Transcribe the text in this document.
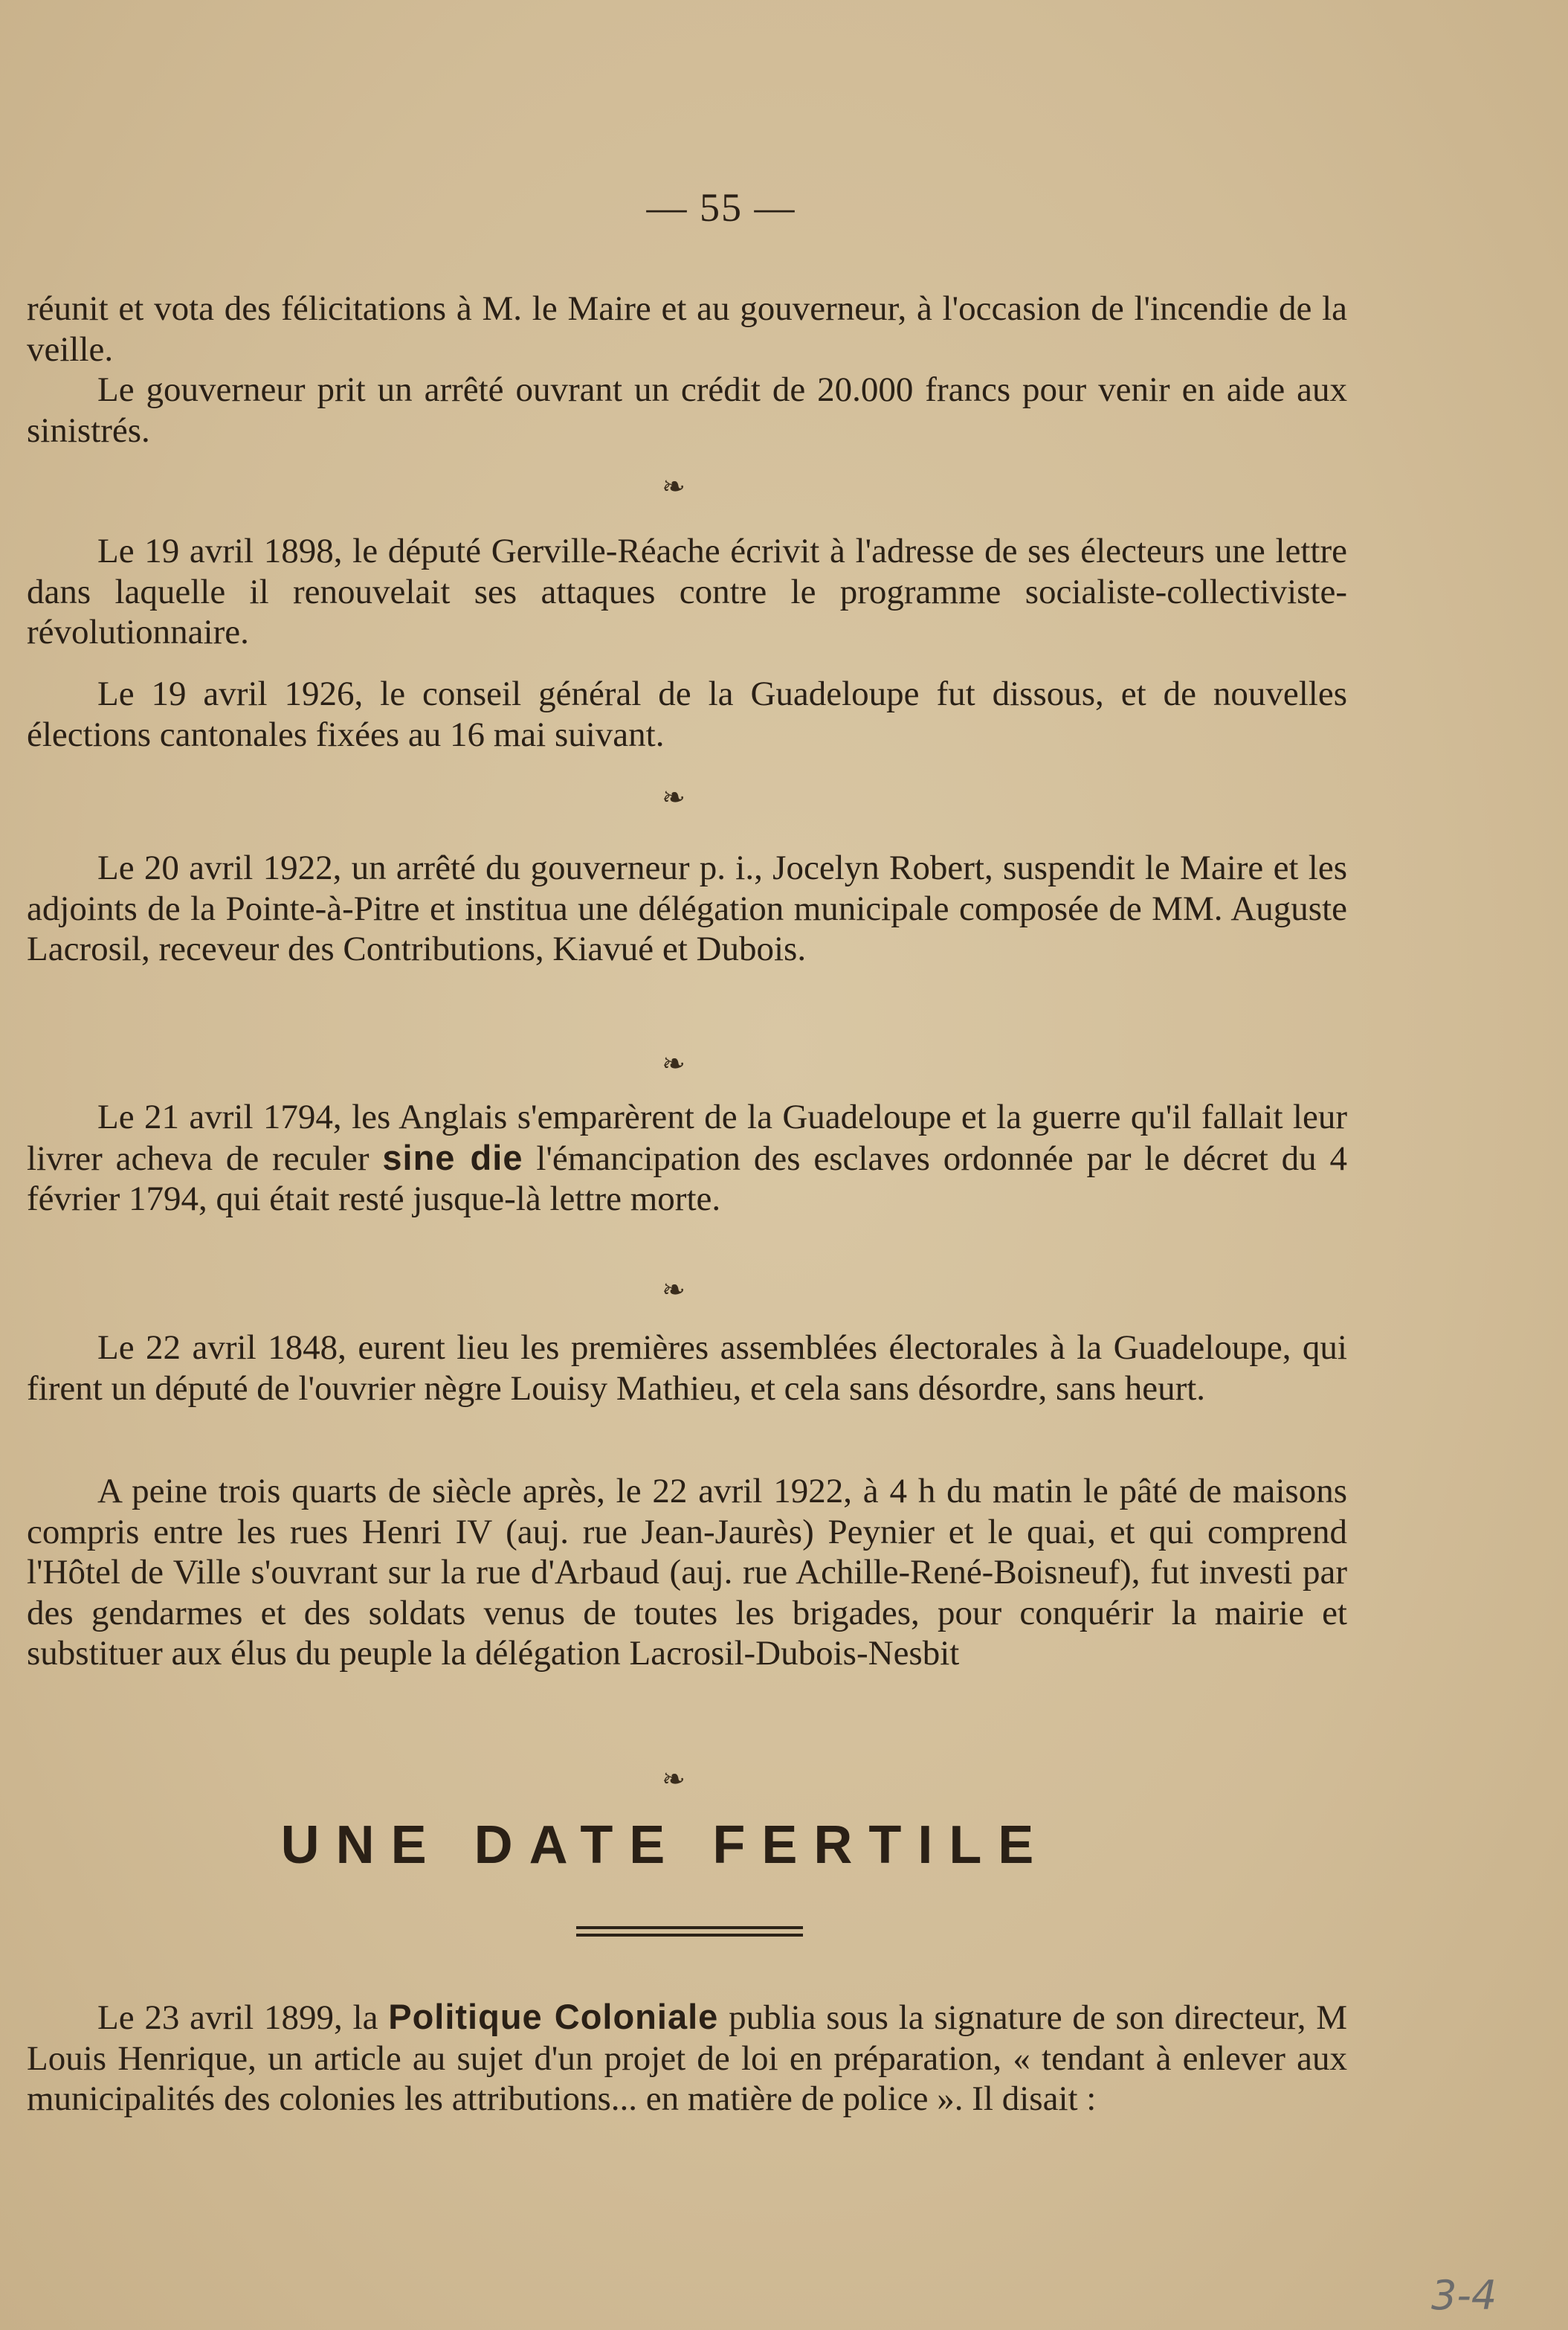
— 55 —

réunit et vota des félicitations à M. le Maire et au gouverneur, à l'occasion de l'incendie de la veille.

Le gouverneur prit un arrêté ouvrant un crédit de 20.000 francs pour venir en aide aux sinistrés.

❧

Le 19 avril 1898, le député Gerville-Réache écrivit à l'adresse de ses électeurs une lettre dans laquelle il renouvelait ses attaques contre le programme socialiste-collectiviste-révolutionnaire.

Le 19 avril 1926, le conseil général de la Guadeloupe fut dissous, et de nouvelles élections cantonales fixées au 16 mai suivant.

❧

Le 20 avril 1922, un arrêté du gouverneur p. i., Jocelyn Robert, suspendit le Maire et les adjoints de la Pointe-à-Pitre et institua une délégation municipale composée de MM. Auguste Lacrosil, receveur des Contributions, Kiavué et Dubois.

❧

Le 21 avril 1794, les Anglais s'emparèrent de la Guadeloupe et la guerre qu'il fallait leur livrer acheva de reculer sine die l'émancipation des esclaves ordonnée par le décret du 4 février 1794, qui était resté jusque-là lettre morte.

❧

Le 22 avril 1848, eurent lieu les premières assemblées électorales à la Guadeloupe, qui firent un député de l'ouvrier nègre Louisy Mathieu, et cela sans désordre, sans heurt.

A peine trois quarts de siècle après, le 22 avril 1922, à 4 h du matin le pâté de maisons compris entre les rues Henri IV (auj. rue Jean-Jaurès) Peynier et le quai, et qui comprend l'Hôtel de Ville s'ouvrant sur la rue d'Arbaud (auj. rue Achille-René-Boisneuf), fut investi par des gendarmes et des soldats venus de toutes les brigades, pour conquérir la mairie et substituer aux élus du peuple la délégation Lacrosil-Dubois-Nesbit

❧
UNE DATE FERTILE

Le 23 avril 1899, la Politique Coloniale publia sous la signature de son directeur, M Louis Henrique, un article au sujet d'un projet de loi en préparation, « tendant à enlever aux municipalités des colonies les attributions... en matière de police ». Il disait :

3-4
